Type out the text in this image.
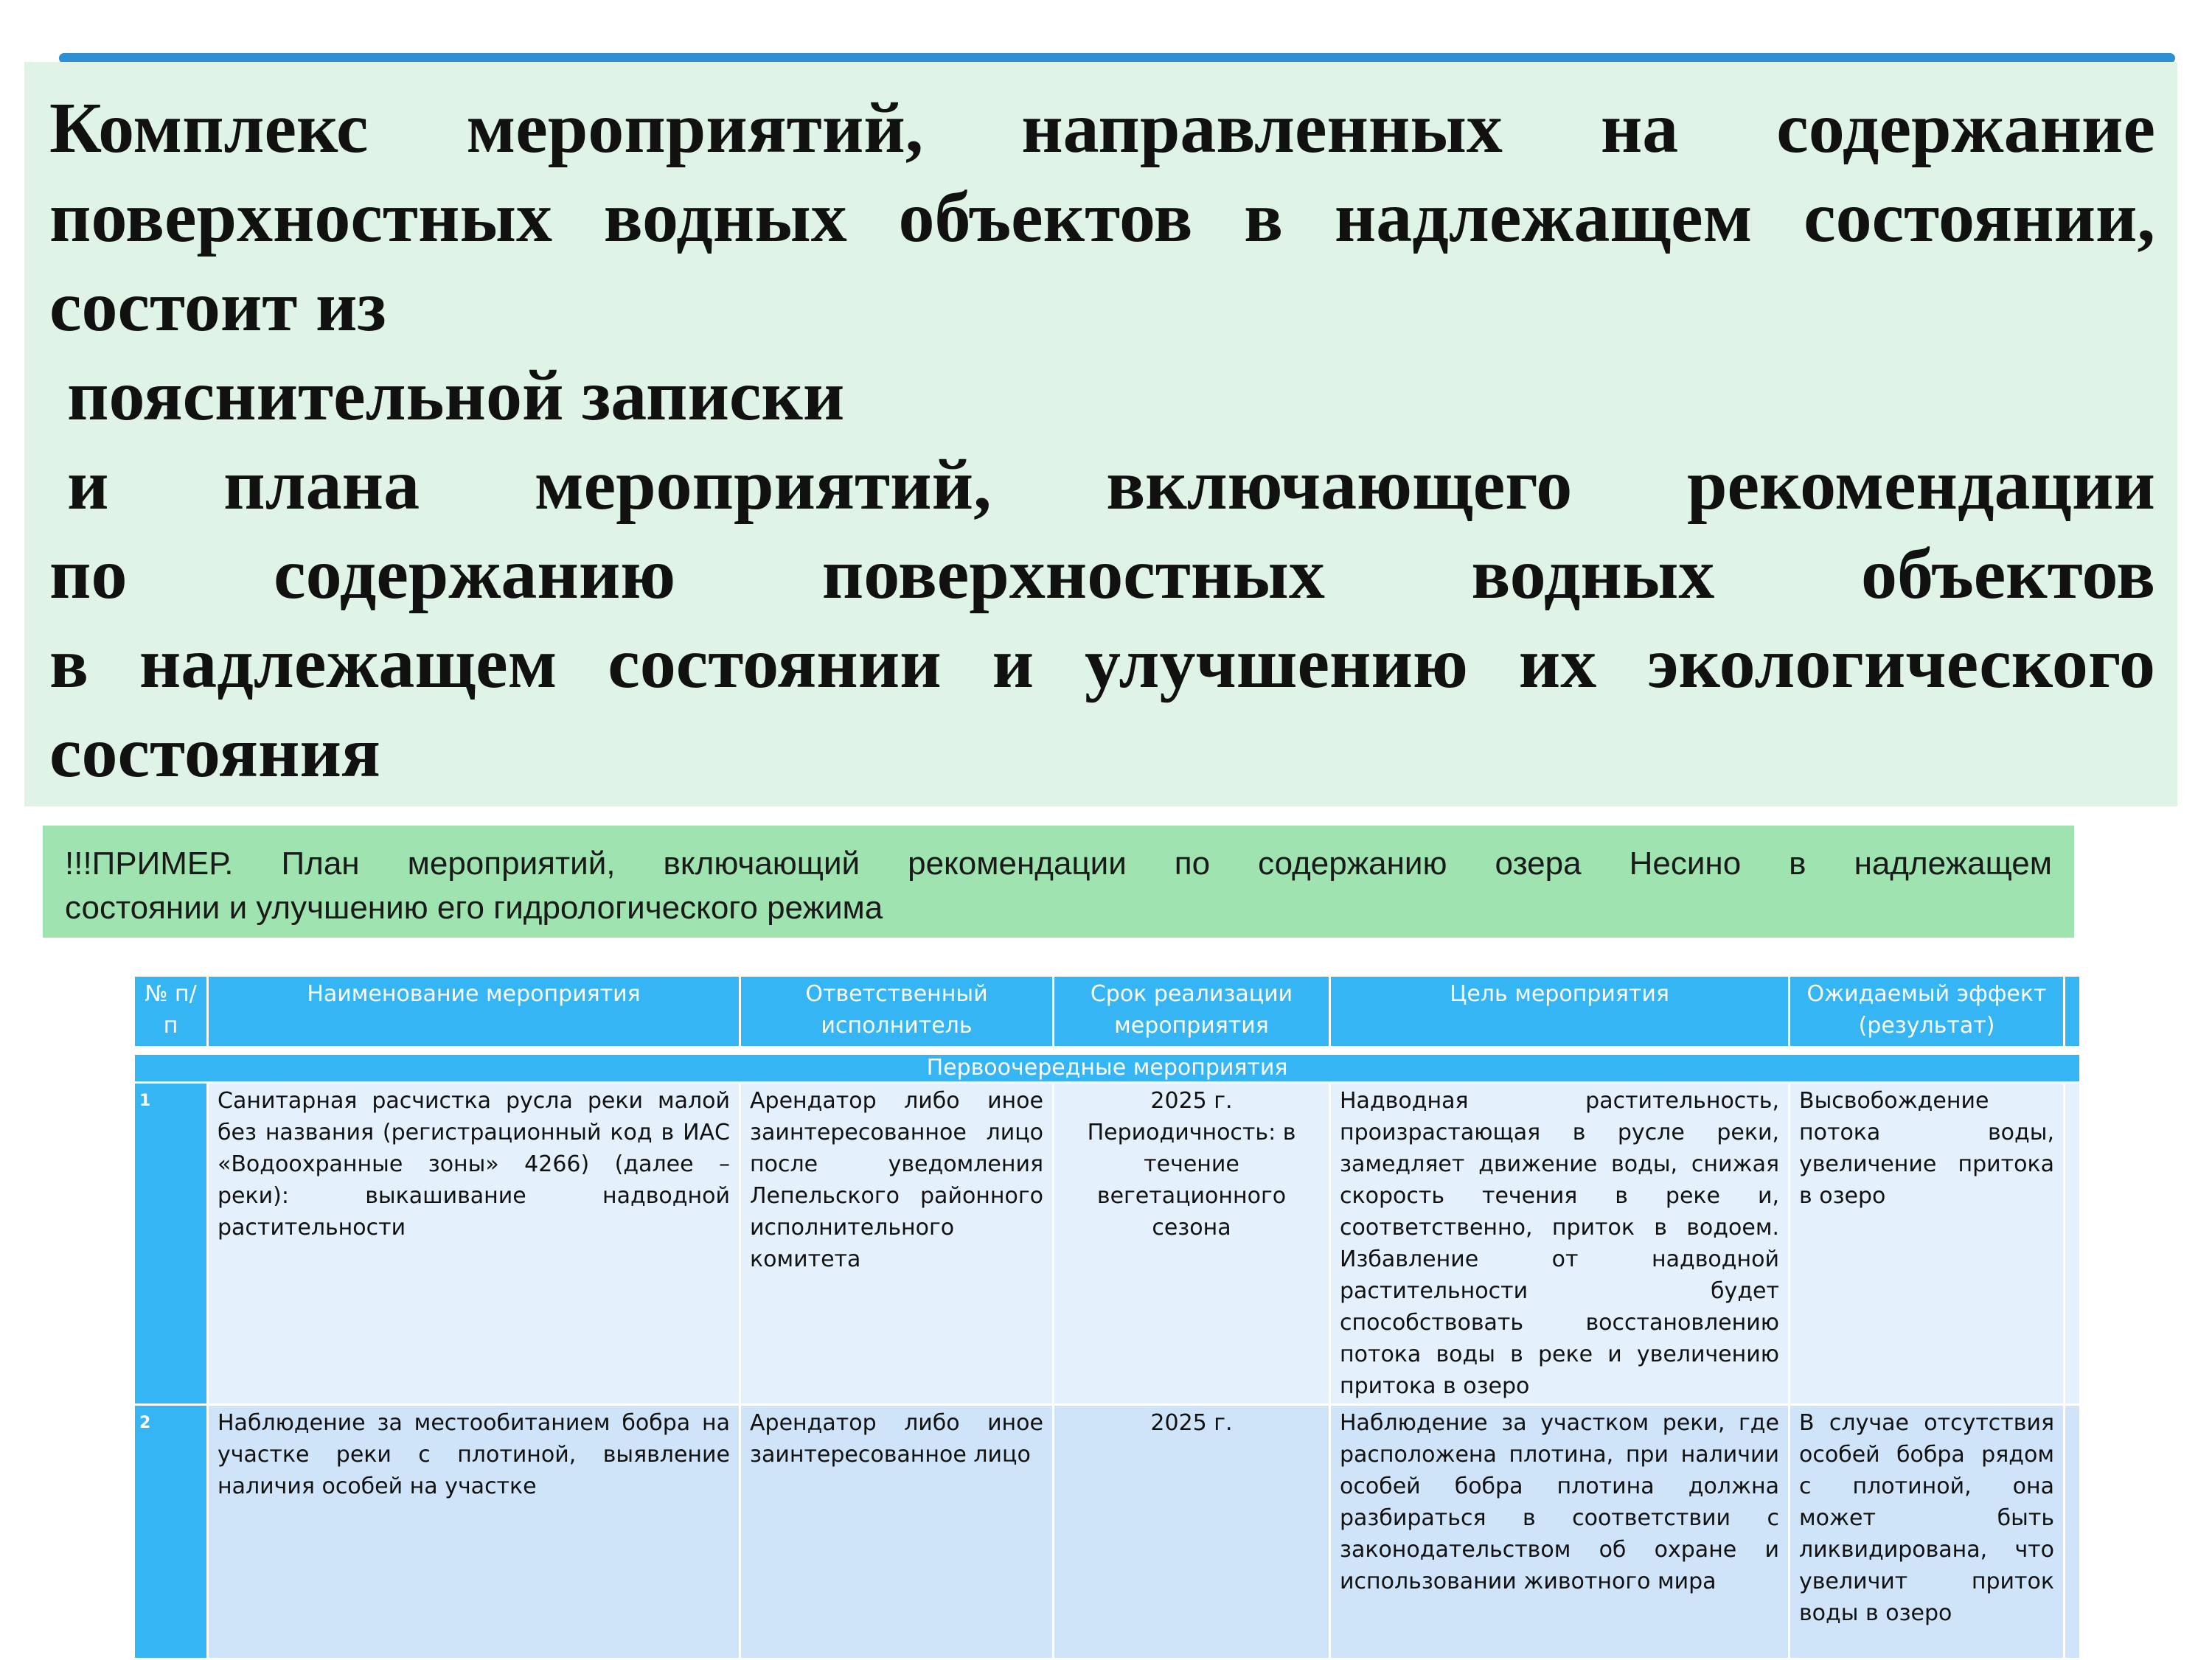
Комплекс мероприятий, направленных на содержание
поверхностных водных объектов в надлежащем состоянии,
состоит из
пояснительной записки
и плана мероприятий, включающего рекомендации
по содержанию поверхностных водных объектов
в надлежащем состоянии и улучшению их экологического
состояния

!!!ПРИМЕР. План мероприятий, включающий рекомендации по содержанию озера Несино в надлежащем
состоянии и улучшению его гидрологического режима
№ п/п	Наименование мероприятия	Ответственный исполнитель	Срок реализации мероприятия	Цель мероприятия	Ожидаемый эффект (результат)	

Первоочередные мероприятия						
1	Санитарная расчистка русла реки малой без названия (регистрационный код в ИАС «Водоохранные зоны» 4266) (далее – реки): выкашивание надводной растительности	Арендатор либо иное заинтересованное лицо после уведомления Лепельского районного исполнительного комитета	2025 г. Периодичность: в течение вегетационного сезона	Надводная растительность, произрастающая в русле реки, замедляет движение воды, снижая скорость течения в реке и, соответственно, приток в водоем. Избавление от надводной растительности будет способствовать восстановлению потока воды в реке и увеличению притока в озеро	Высвобождение потока воды, увеличение притока в озеро	
2	Наблюдение за местообитанием бобра на участке реки с плотиной, выявление наличия особей на участке	Арендатор либо иное заинтересованное лицо	2025 г.	Наблюдение за участком реки, где расположена плотина, при наличии особей бобра плотина должна разбираться в соответствии с законодательством об охране и использовании животного мира	В случае отсутствия особей бобра рядом с плотиной, она может быть ликвидирована, что увеличит приток воды в озеро	
